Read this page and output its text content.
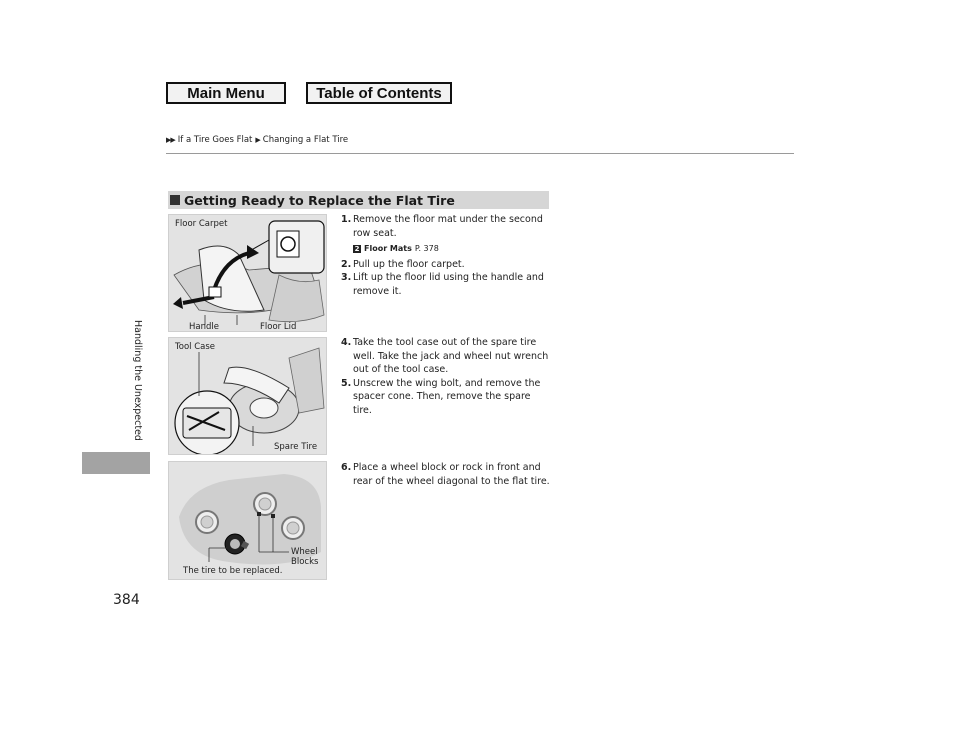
Main Menu	Table of Contents
▶▶ If a Tire Goes Flat ▶ Changing a Flat Tire
Handling the Unexpected
384
Getting Ready to Replace the Flat Tire
Floor Carpet
Handle	Floor Lid
Tool Case
Spare Tire
Wheel
Blocks
The tire to be replaced.
1. Remove the floor mat under the second row seat.
2 Floor Mats P. 378
2. Pull up the floor carpet.
3. Lift up the floor lid using the handle and remove it.
4. Take the tool case out of the spare tire well. Take the jack and wheel nut wrench out of the tool case.
5. Unscrew the wing bolt, and remove the spacer cone. Then, remove the spare tire.
6. Place a wheel block or rock in front and rear of the wheel diagonal to the flat tire.
